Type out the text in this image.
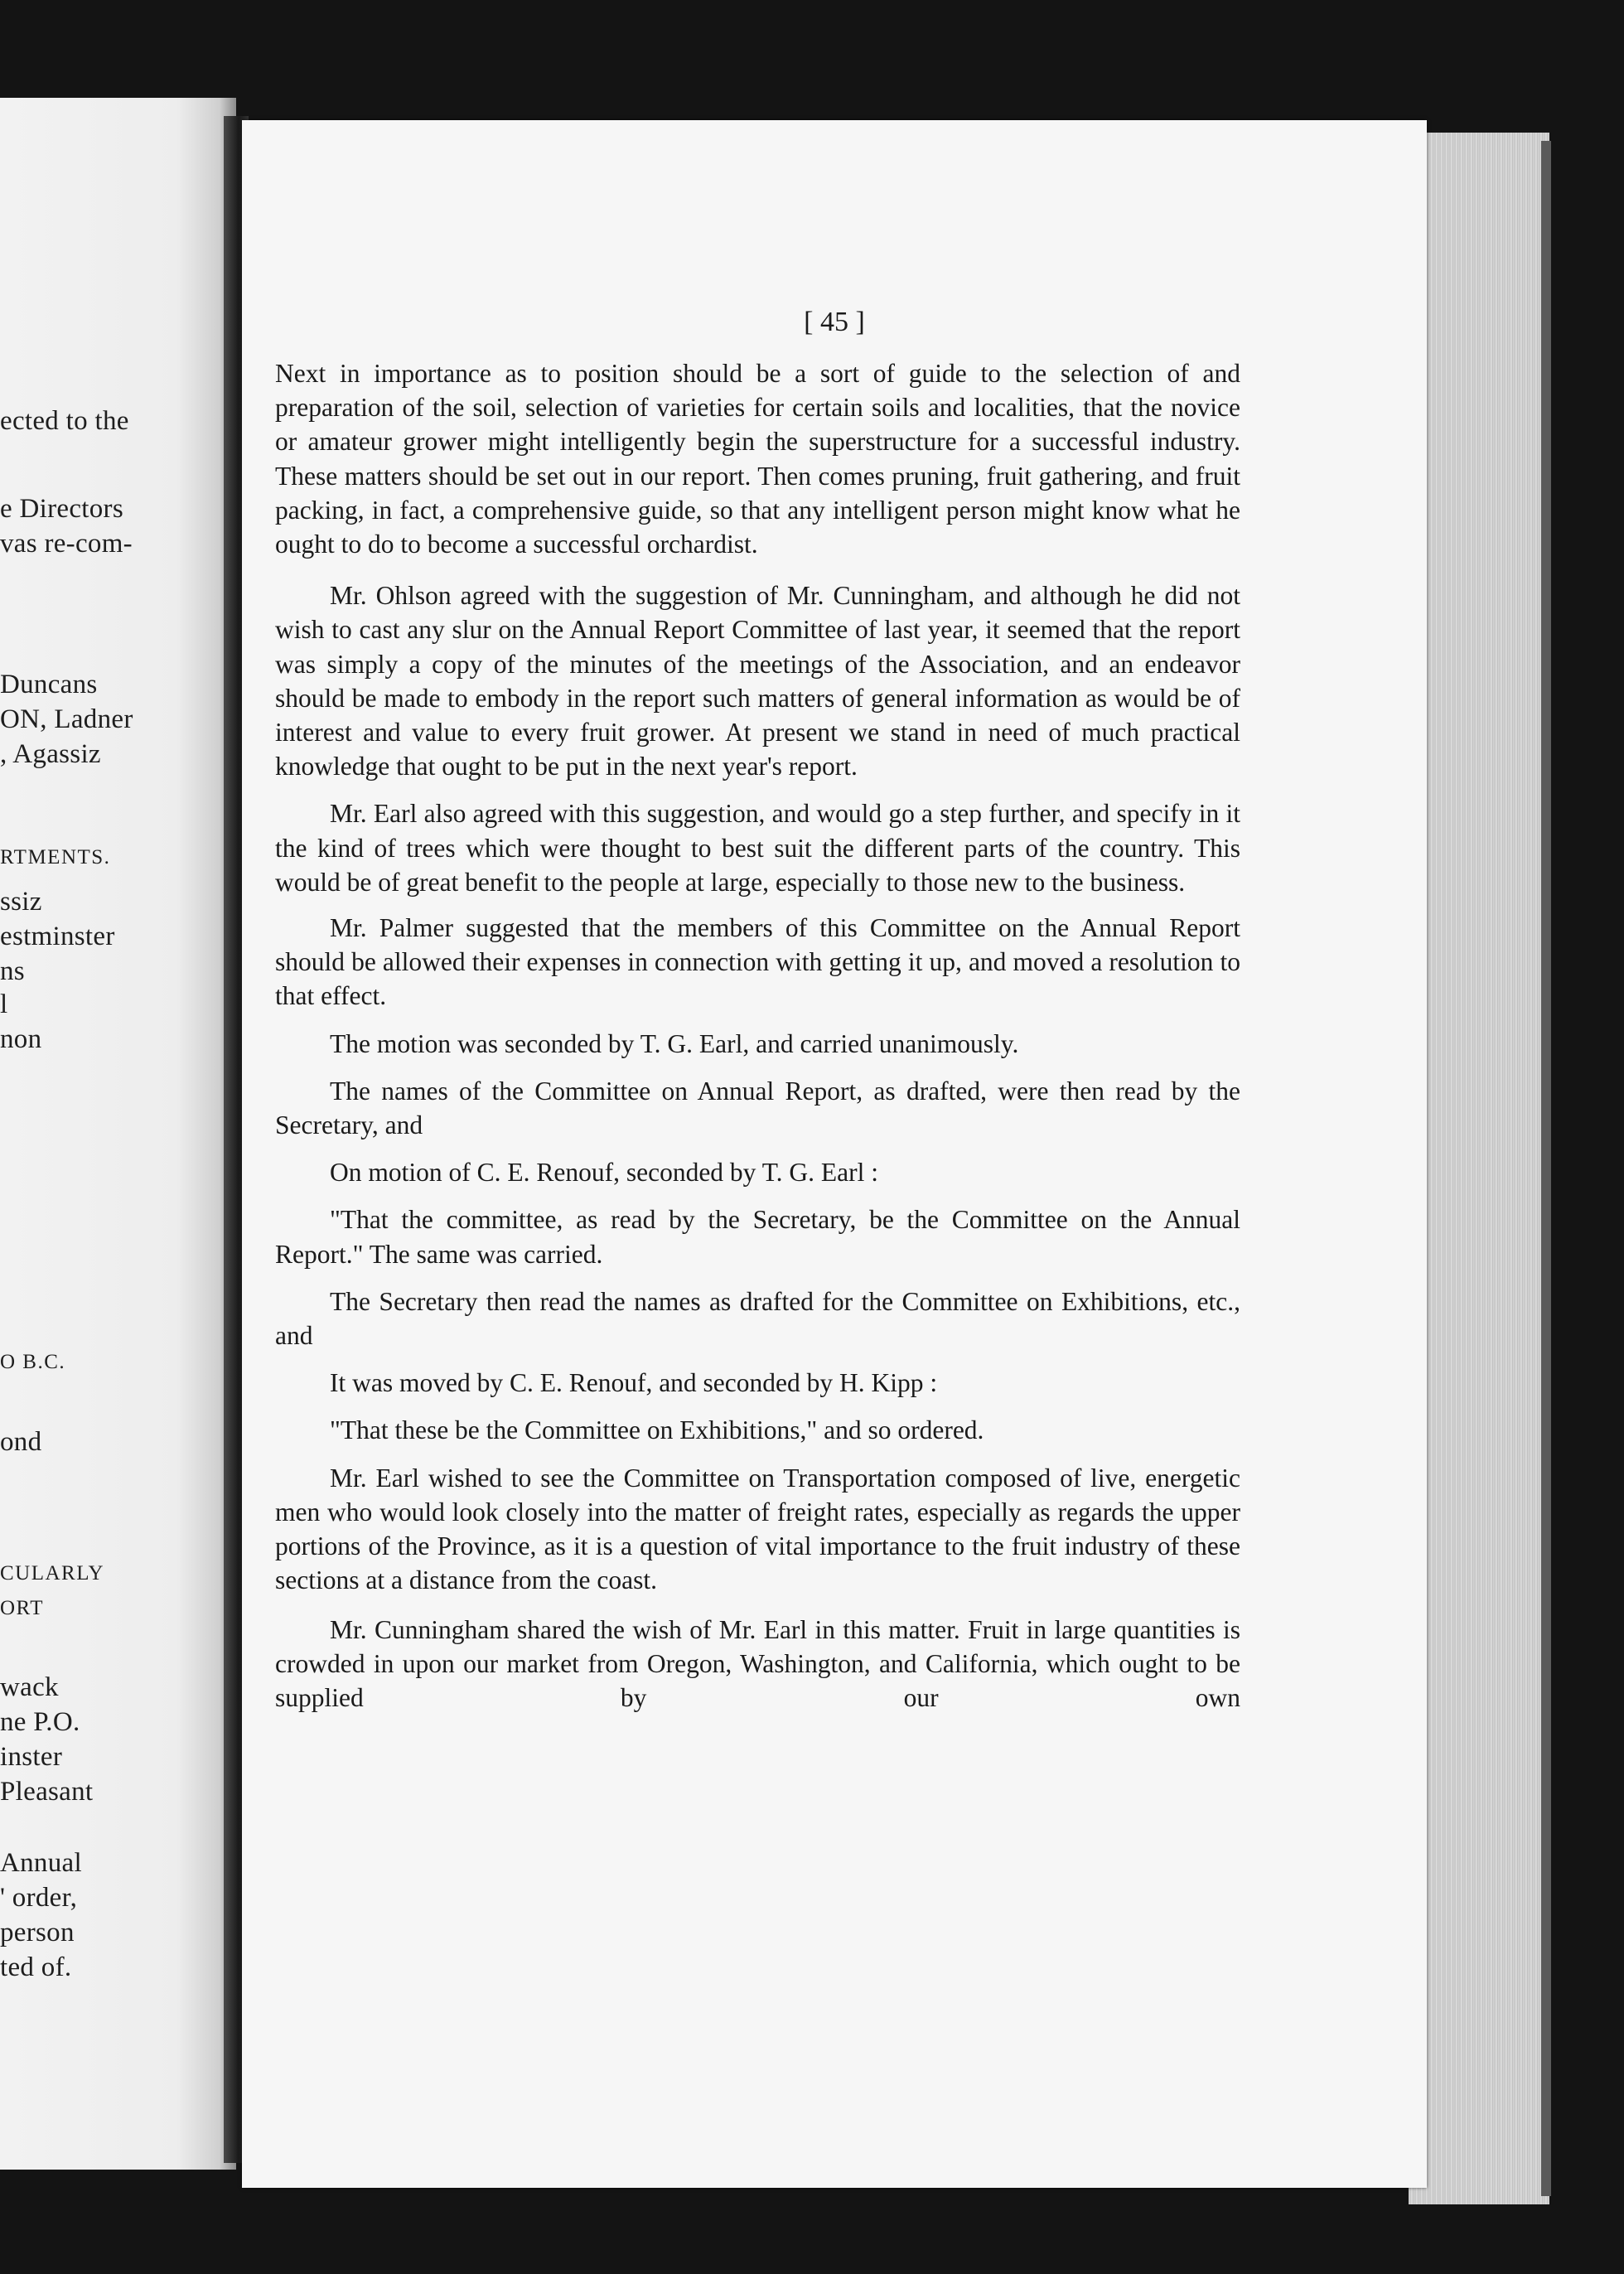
ected to the
e Directors
vas re-com-
Duncans
ON, Ladner
, Agassiz
RTMENTS.
ssiz
estminster
ns
l
non
O B.C.
ond
CULARLY
ORT
wack
ne P.O.
inster
Pleasant
Annual
' order,
person
ted of.
[ 45 ]

Next in importance as to position should be a sort of guide to the selection of and preparation of the soil, selection of varieties for certain soils and localities, that the novice or amateur grower might intelligently begin the superstructure for a successful industry. These matters should be set out in our report. Then comes pruning, fruit gathering, and fruit packing, in fact, a comprehensive guide, so that any intelligent person might know what he ought to do to become a successful orchardist.

Mr. Ohlson agreed with the suggestion of Mr. Cunningham, and although he did not wish to cast any slur on the Annual Report Committee of last year, it seemed that the report was simply a copy of the minutes of the meetings of the Association, and an endeavor should be made to embody in the report such matters of general information as would be of interest and value to every fruit grower. At present we stand in need of much practical knowledge that ought to be put in the next year's report.

Mr. Earl also agreed with this suggestion, and would go a step further, and specify in it the kind of trees which were thought to best suit the different parts of the country. This would be of great benefit to the people at large, especially to those new to the business.

Mr. Palmer suggested that the members of this Committee on the Annual Report should be allowed their expenses in connection with getting it up, and moved a resolution to that effect.

The motion was seconded by T. G. Earl, and carried unanimously.

The names of the Committee on Annual Report, as drafted, were then read by the Secretary, and

On motion of C. E. Renouf, seconded by T. G. Earl :

"That the committee, as read by the Secretary, be the Committee on the Annual Report." The same was carried.

The Secretary then read the names as drafted for the Committee on Exhibitions, etc., and

It was moved by C. E. Renouf, and seconded by H. Kipp :

"That these be the Committee on Exhibitions," and so ordered.

Mr. Earl wished to see the Committee on Transportation composed of live, energetic men who would look closely into the matter of freight rates, especially as regards the upper portions of the Province, as it is a question of vital importance to the fruit industry of these sections at a distance from the coast.

Mr. Cunningham shared the wish of Mr. Earl in this matter. Fruit in large quantities is crowded in upon our market from Oregon, Washington, and California, which ought to be supplied by our own
